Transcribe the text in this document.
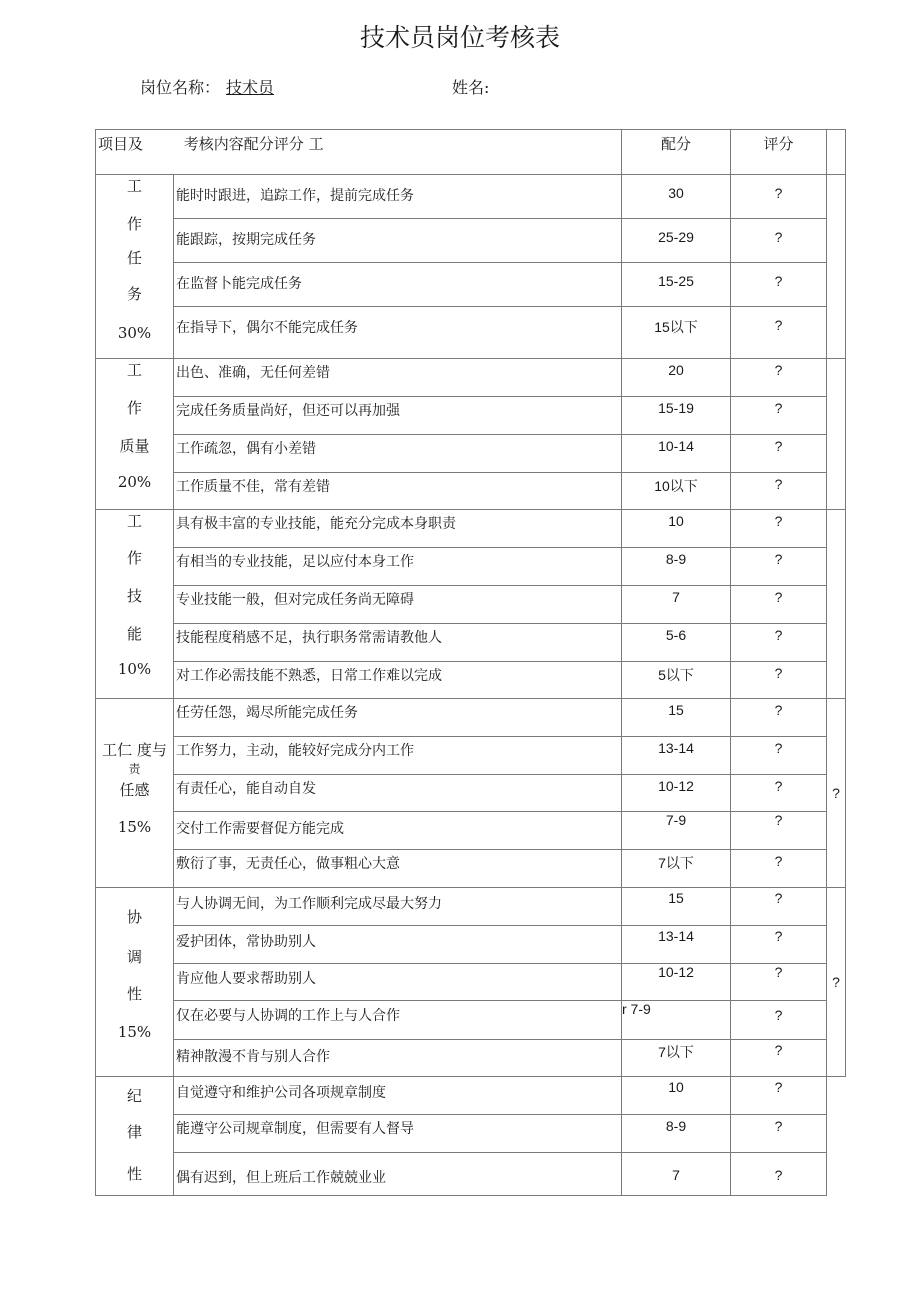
技术员岗位考核表
岗位名称： 技术员	姓名:
项目及 考核内容配分评分 工		配分	评分	

工
作
任
务
30%	能时时跟进，追踪工作，提前完成任务	30	?	
	能跟踪，按期完成任务	25-29	?	
	在监督卜能完成任务	15-25	?	
	在指导下，偶尔不能完成任务	15以下	?	

工
作
质量
20%	出色、准确，无任何差错	20	?	
	完成任务质量尚好，但还可以再加强	15-19	?	
	工作疏忽，偶有小差错	10-14	?	
	工作质量不佳，常有差错	10以下	?	

工
作
技
能
10%	具有极丰富的专业技能，能充分完成本身职责	10	?	
	有相当的专业技能，足以应付本身工作	8-9	?	
	专业技能一般，但对完成任务尚无障碍	7	?	
	技能程度稍感不足，执行职务常需请教他人	5-6	?	
	对工作必需技能不熟悉，日常工作难以完成	5以下	?	

工仁 度与
责
任感
15%	任劳任怨，竭尽所能完成任务	15	?	?
	工作努力，主动，能较好完成分内工作	13-14	?	
	有责任心，能自动自发	10-12	?	
	交付工作需要督促方能完成	7-9	?	
	敷衍了事，无责任心，做事粗心大意	7以下	?	

协
调
性
15%	与人协调无间，为工作顺利完成尽最大努力	15	?	?
	爱护团体，常协助别人	13-14	?	
	肯应他人要求帮助别人	10-12	?	
	仅在必要与人协调的工作上与人合作	r 7-9	?	
	精神散漫不肯与别人合作	7以下	?	

纪
律
性	自觉遵守和维护公司各项规章制度	10	?	
	能遵守公司规章制度，但需要有人督导	8-9	?	
	偶有迟到，但上班后工作兢兢业业	7	?	
